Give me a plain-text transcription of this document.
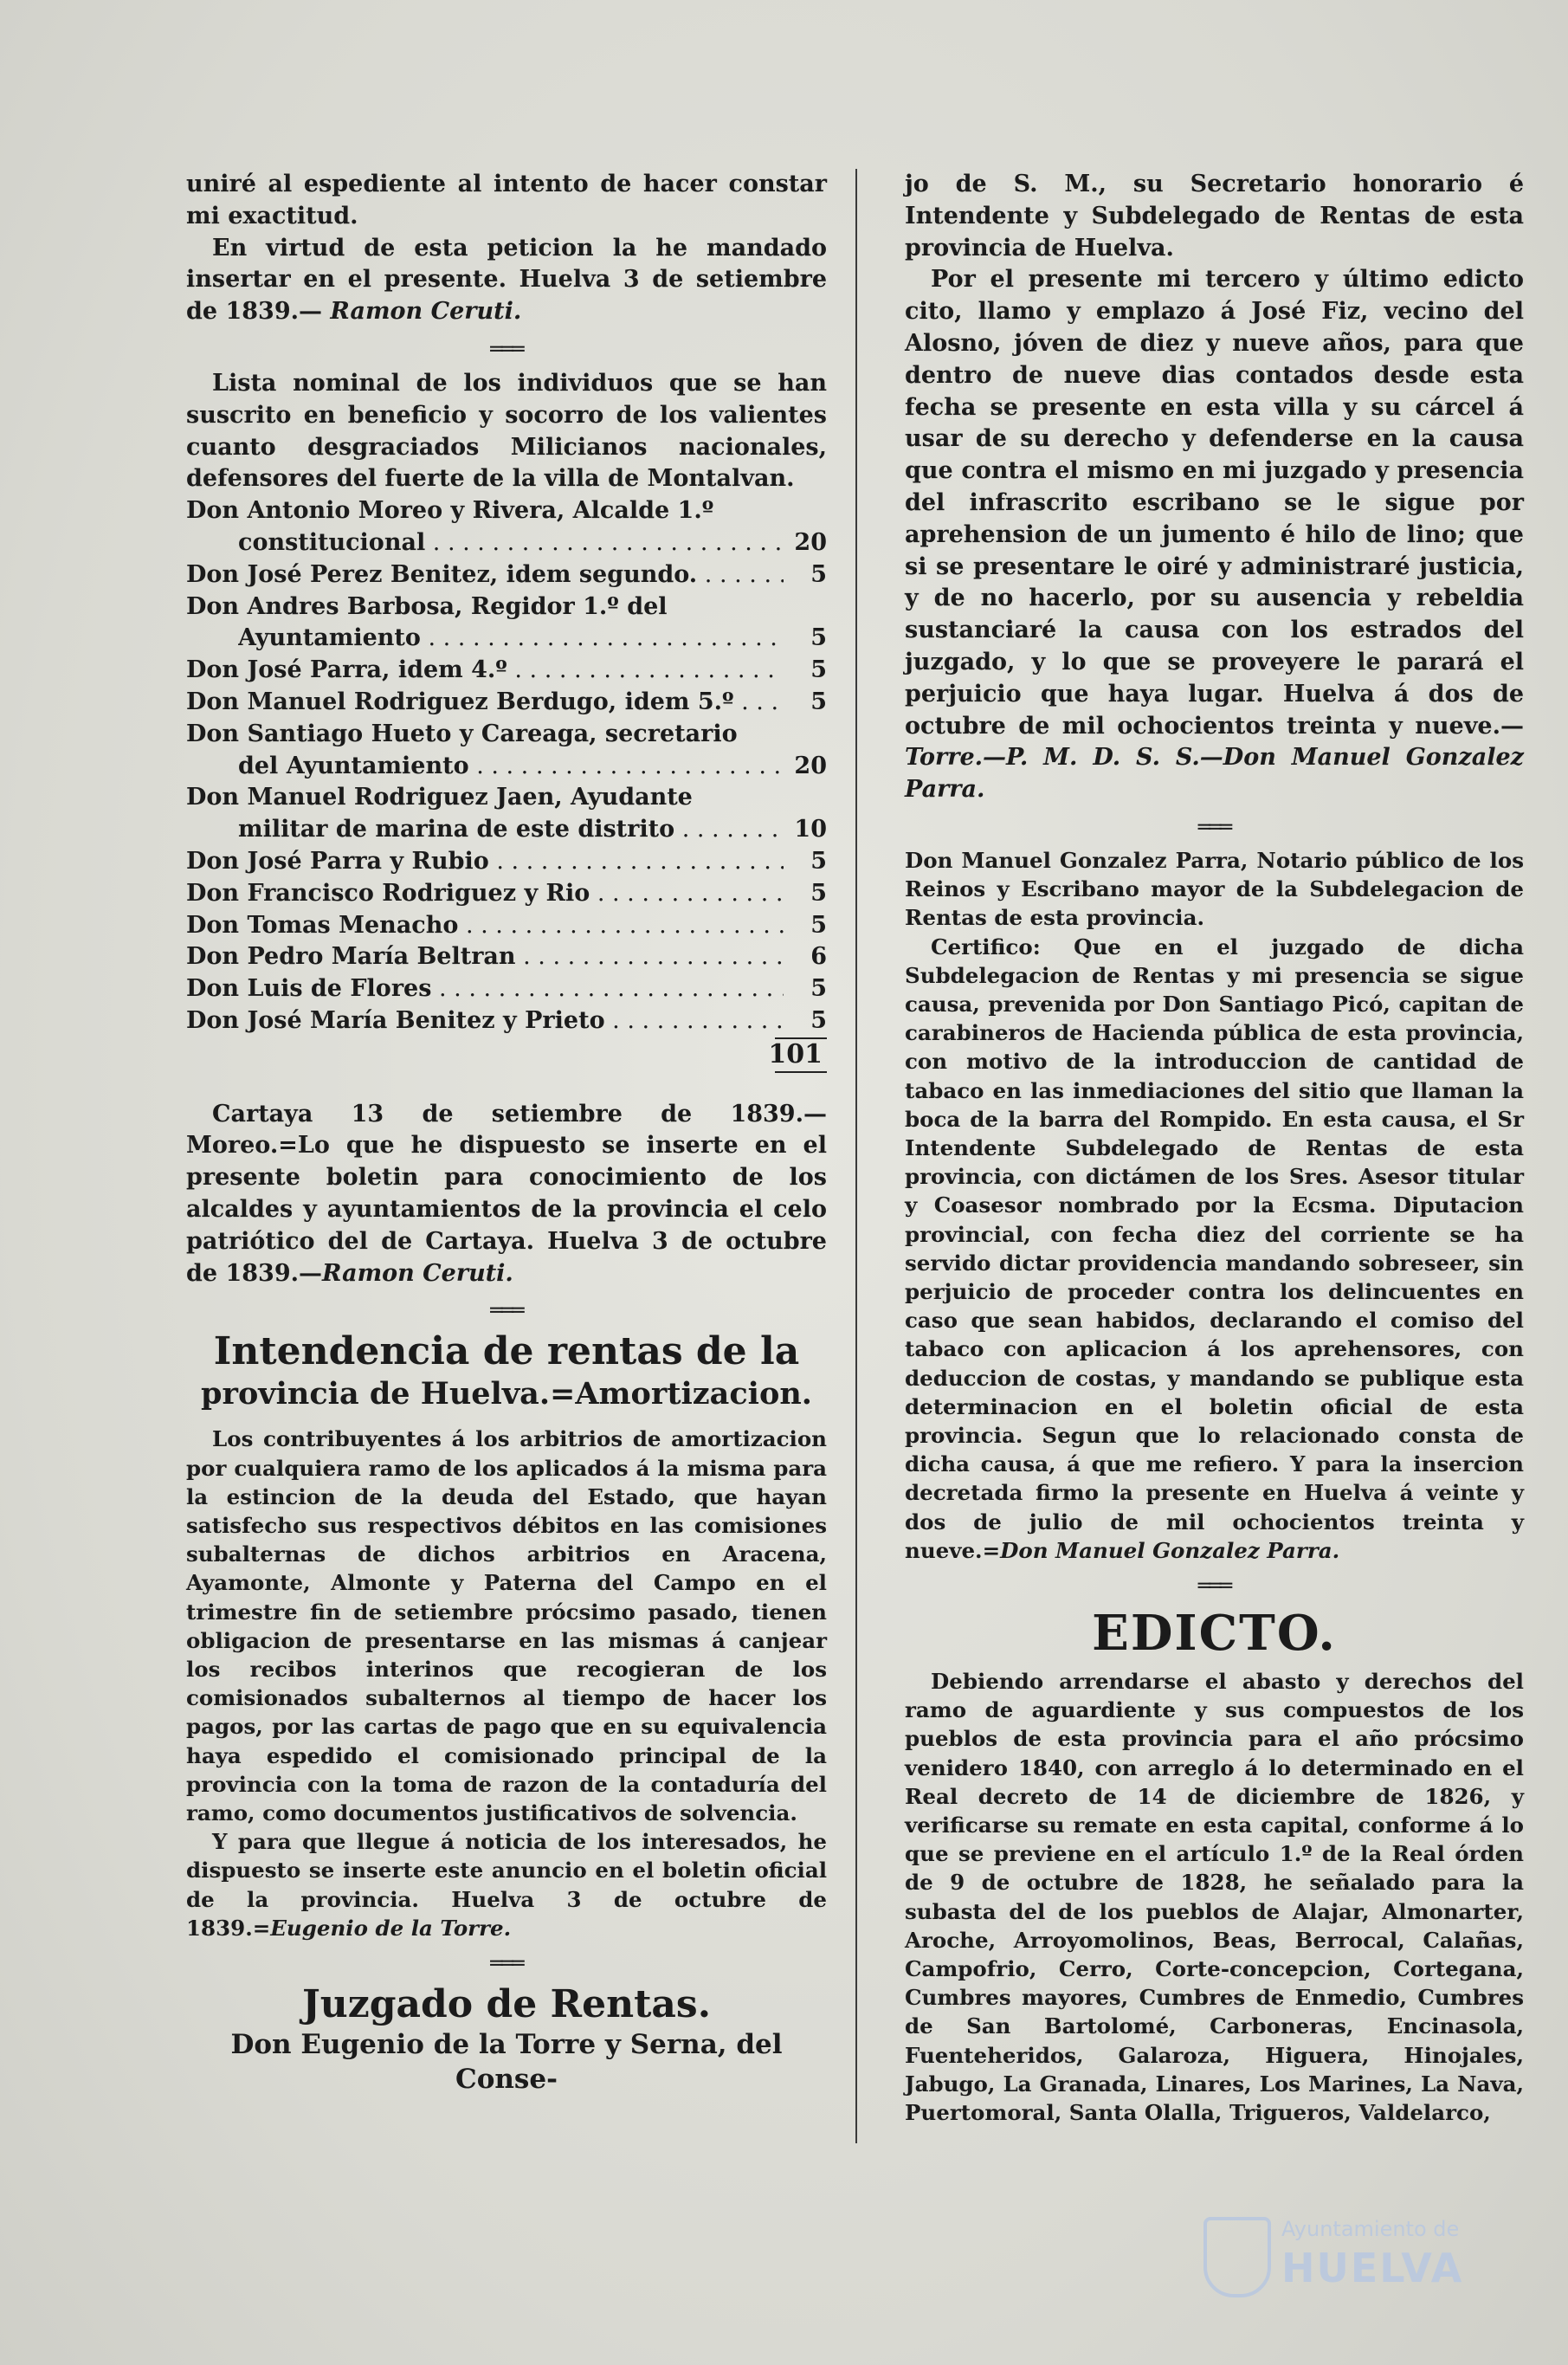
uniré al espediente al intento de hacer constar mi exactitud.

En virtud de esta peticion la he mandado insertar en el presente. Huelva 3 de setiembre de 1839.— Ramon Ceruti.

═══

Lista nominal de los individuos que se han suscrito en beneficio y socorro de los valientes cuanto desgraciados Milicianos nacionales, defensores del fuerte de la villa de Montalvan.

Don Antonio Moreo y Rivera, Alcalde 1.º
constitucional . . .	20
Don José Perez Benitez, idem segundo. . . .	5
Don Andres Barbosa, Regidor 1.º del
Ayuntamiento . . .	5
Don José Parra, idem 4.º . . .	5
Don Manuel Rodriguez Berdugo, idem 5.º . . .	5
Don Santiago Hueto y Careaga, secretario
del Ayuntamiento . . .	20
Don Manuel Rodriguez Jaen, Ayudante
militar de marina de este distrito . . .	10
Don José Parra y Rubio . . .	5
Don Francisco Rodriguez y Rio . . .	5
Don Tomas Menacho . . .	5
Don Pedro María Beltran . . .	6
Don Luis de Flores . . .	5
Don José María Benitez y Prieto . . .	5

101

Cartaya 13 de setiembre de 1839.— Moreo.=Lo que he dispuesto se inserte en el presente boletin para conocimiento de los alcaldes y ayuntamientos de la provincia el celo patriótico del de Cartaya. Huelva 3 de octubre de 1839.—Ramon Ceruti.

═══

Intendencia de rentas de la

provincia de Huelva.=Amortizacion.

Los contribuyentes á los arbitrios de amortizacion por cualquiera ramo de los aplicados á la misma para la estincion de la deuda del Estado, que hayan satisfecho sus respectivos débitos en las comisiones subalternas de dichos arbitrios en Aracena, Ayamonte, Almonte y Paterna del Campo en el trimestre fin de setiembre prócsimo pasado, tienen obligacion de presentarse en las mismas á canjear los recibos interinos que recogieran de los comisionados subalternos al tiempo de hacer los pagos, por las cartas de pago que en su equivalencia haya espedido el comisionado principal de la provincia con la toma de razon de la contaduría del ramo, como documentos justificativos de solvencia.

Y para que llegue á noticia de los interesados, he dispuesto se inserte este anuncio en el boletin oficial de la provincia. Huelva 3 de octubre de 1839.=Eugenio de la Torre.

═══

Juzgado de Rentas.

Don Eugenio de la Torre y Serna, del Conse-

jo de S. M., su Secretario honorario é Intendente y Subdelegado de Rentas de esta provincia de Huelva.

Por el presente mi tercero y último edicto cito, llamo y emplazo á José Fiz, vecino del Alosno, jóven de diez y nueve años, para que dentro de nueve dias contados desde esta fecha se presente en esta villa y su cárcel á usar de su derecho y defenderse en la causa que contra el mismo en mi juzgado y presencia del infrascrito escribano se le sigue por aprehension de un jumento é hilo de lino; que si se presentare le oiré y administraré justicia, y de no hacerlo, por su ausencia y rebeldia sustanciaré la causa con los estrados del juzgado, y lo que se proveyere le parará el perjuicio que haya lugar. Huelva á dos de octubre de mil ochocientos treinta y nueve.— Torre.—P. M. D. S. S.—Don Manuel Gonzalez Parra.

═══

Don Manuel Gonzalez Parra, Notario público de los Reinos y Escribano mayor de la Subdelegacion de Rentas de esta provincia.

Certifico: Que en el juzgado de dicha Subdelegacion de Rentas y mi presencia se sigue causa, prevenida por Don Santiago Picó, capitan de carabineros de Hacienda pública de esta provincia, con motivo de la introduccion de cantidad de tabaco en las inmediaciones del sitio que llaman la boca de la barra del Rompido. En esta causa, el Sr Intendente Subdelegado de Rentas de esta provincia, con dictámen de los Sres. Asesor titular y Coasesor nombrado por la Ecsma. Diputacion provincial, con fecha diez del corriente se ha servido dictar providencia mandando sobreseer, sin perjuicio de proceder contra los delincuentes en caso que sean habidos, declarando el comiso del tabaco con aplicacion á los aprehensores, con deduccion de costas, y mandando se publique esta determinacion en el boletin oficial de esta provincia. Segun que lo relacionado consta de dicha causa, á que me refiero. Y para la insercion decretada firmo la presente en Huelva á veinte y dos de julio de mil ochocientos treinta y nueve.=Don Manuel Gonzalez Parra.

═══

EDICTO.

Debiendo arrendarse el abasto y derechos del ramo de aguardiente y sus compuestos de los pueblos de esta provincia para el año prócsimo venidero 1840, con arreglo á lo determinado en el Real decreto de 14 de diciembre de 1826, y verificarse su remate en esta capital, conforme á lo que se previene en el artículo 1.º de la Real órden de 9 de octubre de 1828, he señalado para la subasta del de los pueblos de Alajar, Almonarter, Aroche, Arroyomolinos, Beas, Berrocal, Calañas, Campofrio, Cerro, Corte-concepcion, Cortegana, Cumbres mayores, Cumbres de Enmedio, Cumbres de San Bartolomé, Carboneras, Encinasola, Fuenteheridos, Galaroza, Higuera, Hinojales, Jabugo, La Granada, Linares, Los Marines, La Nava, Puertomoral, Santa Olalla, Trigueros, Valdelarco,

Ayuntamiento de
HUELVA
